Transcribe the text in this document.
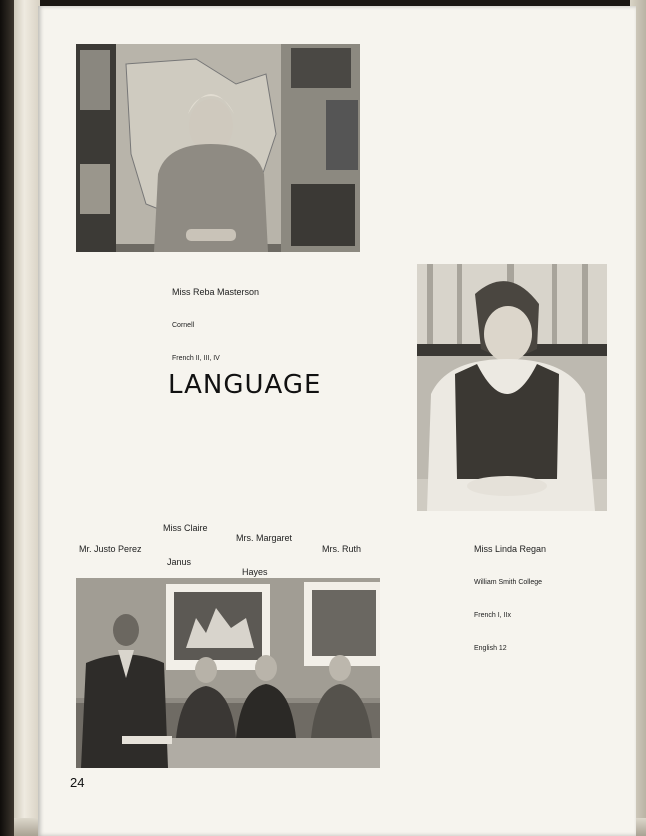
Miss Reba Masterson

Cornell

French II, III, IV

LANGUAGE

Miss Linda Regan

William Smith College

French I, IIx

English 12

Mr. Justo Perez

Miss Claire

Janus

Mrs. Margaret

Hayes

Mrs. Ruth

24
